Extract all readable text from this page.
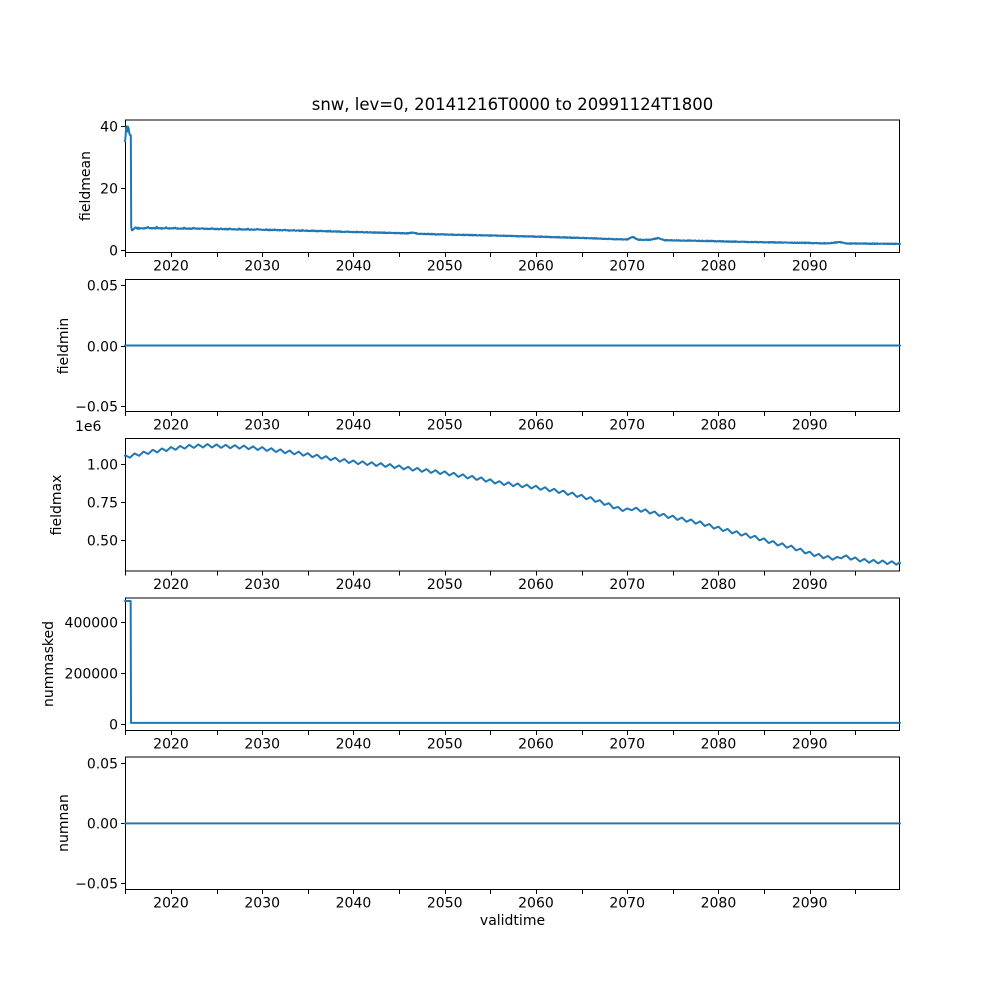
2020	2030	2040	2050	2060	2070	2080	2090
0
20
40
2020	2030	2040	2050	2060	2070	2080	2090
−0.05
0.00
0.05
2020	2030	2040	2050	2060	2070	2080	2090
0.50
0.75
1.00
2020	2030	2040	2050	2060	2070	2080	2090
0
200000
400000
2020	2030	2040	2050	2060	2070	2080	2090
−0.05
0.00
0.05
snw, lev=0, 20141216T0000 to 20991124T1800
fieldmean
fieldmin
fieldmax
nummasked
numnan
1e6
validtime
